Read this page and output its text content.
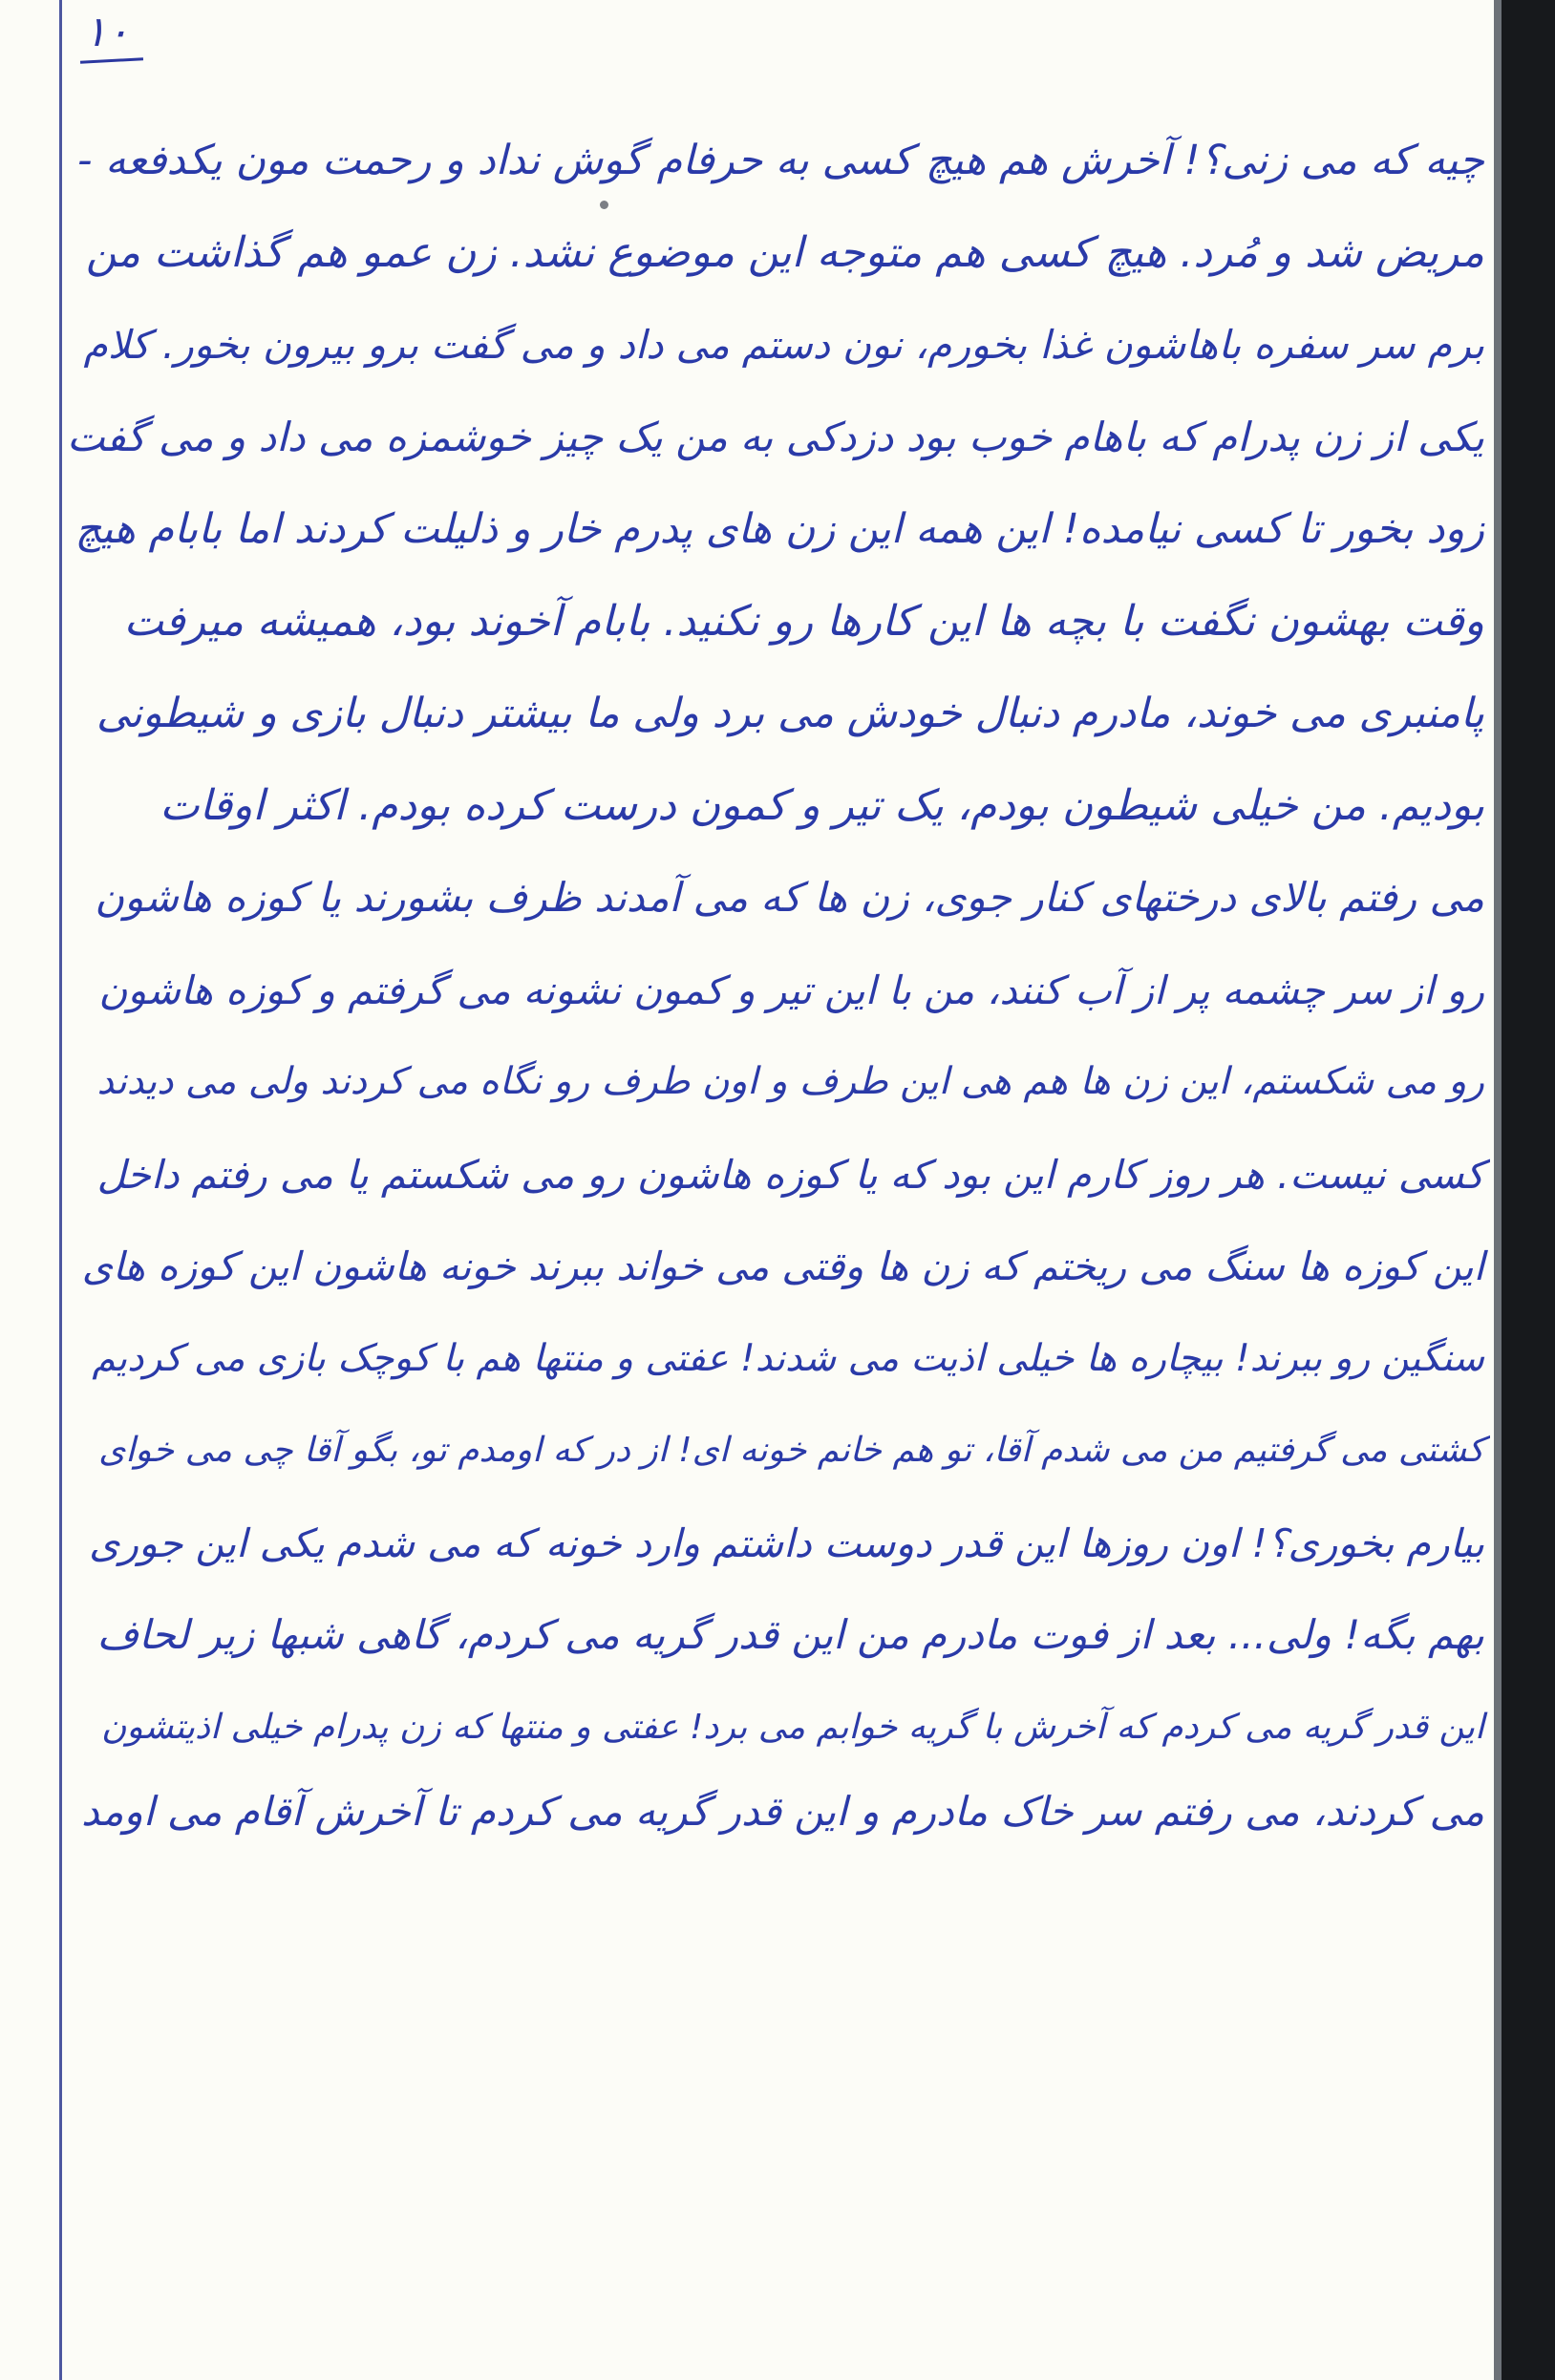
۱۰
چیه که می زنی؟! آخرش هم هیچ کسی به حرفام گوش نداد و رحمت مون یکدفعه -
مریض شد و مُرد. هیچ کسی هم متوجه این موضوع نشد. زن عمو هم گذاشت من
برم سر سفره باهاشون غذا بخورم، نون دستم می داد و می گفت برو بیرون بخور. کلام
یکی از زن پدرام که باهام خوب بود دزدکی به من یک چیز خوشمزه می داد و می گفت
زود بخور تا کسی نیامده! این همه این زن های پدرم خار و ذلیلت کردند اما بابام هیچ
وقت بهشون نگفت با بچه ها این کارها رو نکنید. بابام آخوند بود، همیشه میرفت
پامنبری می خوند، مادرم دنبال خودش می برد ولی ما بیشتر دنبال بازی و شیطونی
بودیم. من خیلی شیطون بودم، یک تیر و کمون درست کرده بودم. اکثر اوقات
می رفتم بالای درختهای کنار جوی، زن ها که می آمدند ظرف بشورند یا کوزه هاشون
رو از سر چشمه پر از آب کنند، من با این تیر و کمون نشونه می گرفتم و کوزه هاشون
رو می شکستم، این زن ها هم هی این طرف و اون طرف رو نگاه می کردند ولی می دیدند
کسی نیست. هر روز کارم این بود که یا کوزه هاشون رو می شکستم یا می رفتم داخل
این کوزه ها سنگ می ریختم که زن ها وقتی می خواند ببرند خونه هاشون این کوزه های
سنگین رو ببرند! بیچاره ها خیلی اذیت می شدند! عفتی و منتها هم با کوچک بازی می کردیم
کشتی می گرفتیم من می شدم آقا، تو هم خانم خونه ای! از در که اومدم تو، بگو آقا چی می خوای
بیارم بخوری؟! اون روزها این قدر دوست داشتم وارد خونه که می شدم یکی این جوری
بهم بگه! ولی... بعد از فوت مادرم من این قدر گریه می کردم، گاهی شبها زیر لحاف
این قدر گریه می کردم که آخرش با گریه خوابم می برد! عفتی و منتها که زن پدرام خیلی اذیتشون
می کردند، می رفتم سر خاک مادرم و این قدر گریه می کردم تا آخرش آقام می اومد
